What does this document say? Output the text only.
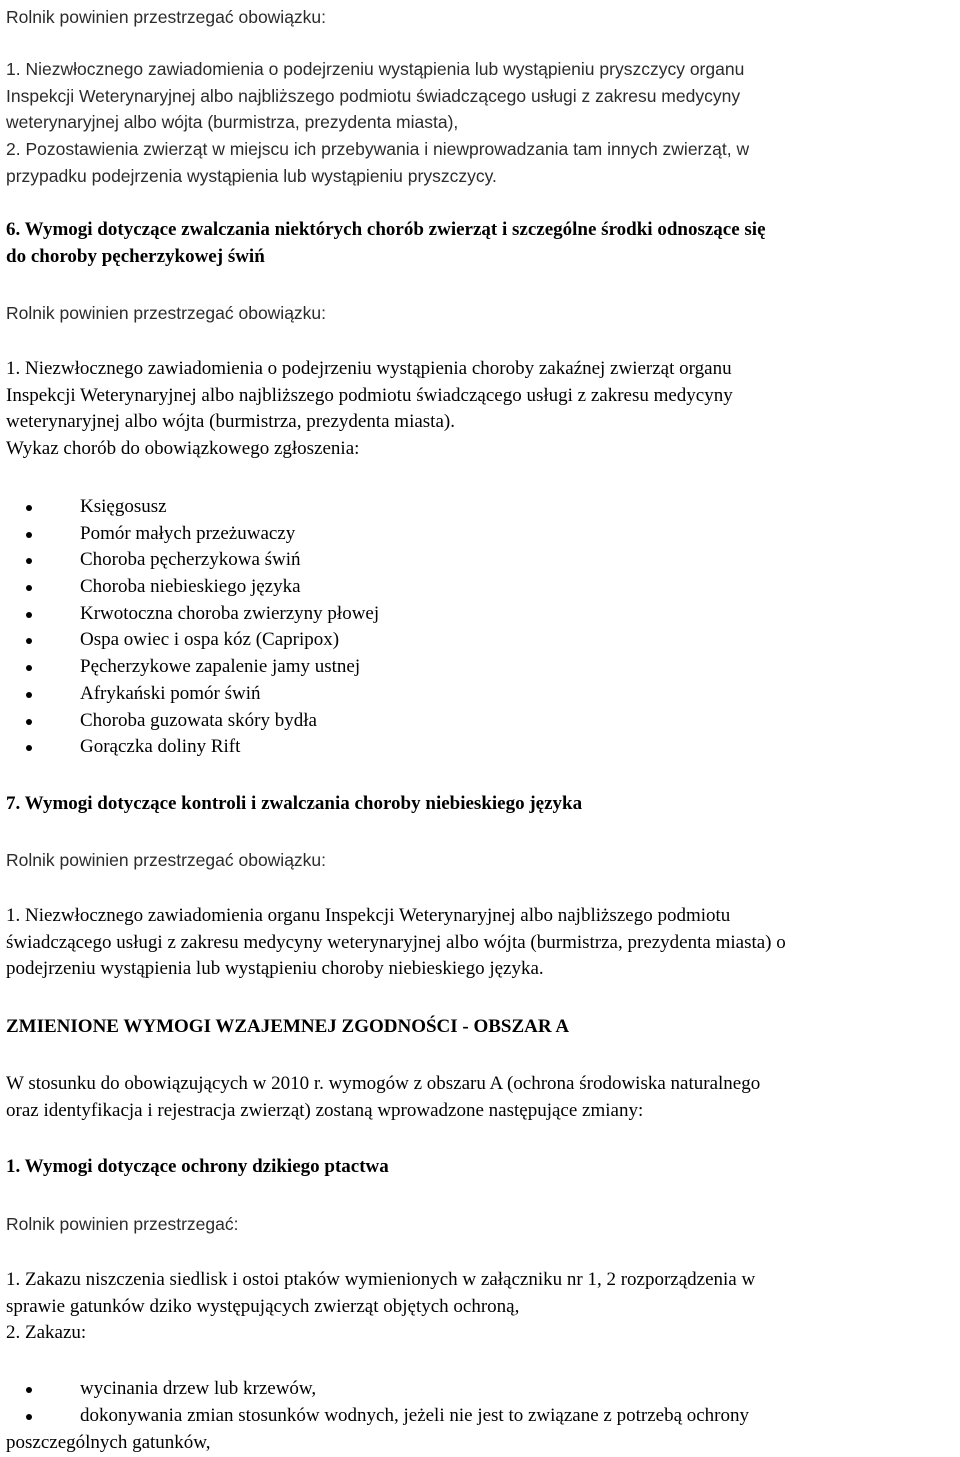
Rolnik powinien przestrzegać obowiązku:
1. Niezwłocznego zawiadomienia o podejrzeniu wystąpienia lub wystąpieniu pryszczycy organu
Inspekcji Weterynaryjnej albo najbliższego podmiotu świadczącego usługi z zakresu medycyny
weterynaryjnej albo wójta (burmistrza, prezydenta miasta),
2. Pozostawienia zwierząt w miejscu ich przebywania i niewprowadzania tam innych zwierząt, w
przypadku podejrzenia wystąpienia lub wystąpieniu pryszczycy.
6. Wymogi dotyczące zwalczania niektórych chorób zwierząt i szczególne środki odnoszące się
do choroby pęcherzykowej świń
Rolnik powinien przestrzegać obowiązku:
1. Niezwłocznego zawiadomienia o podejrzeniu wystąpienia choroby zakaźnej zwierząt organu
Inspekcji Weterynaryjnej albo najbliższego podmiotu świadczącego usługi z zakresu medycyny
weterynaryjnej albo wójta (burmistrza, prezydenta miasta).
Wykaz chorób do obowiązkowego zgłoszenia:
Księgosusz
Pomór małych przeżuwaczy
Choroba pęcherzykowa świń
Choroba niebieskiego języka
Krwotoczna choroba zwierzyny płowej
Ospa owiec i ospa kóz (Capripox)
Pęcherzykowe zapalenie jamy ustnej
Afrykański pomór świń
Choroba guzowata skóry bydła
Gorączka doliny Rift
7. Wymogi dotyczące kontroli i zwalczania choroby niebieskiego języka
Rolnik powinien przestrzegać obowiązku:
1. Niezwłocznego zawiadomienia organu Inspekcji Weterynaryjnej albo najbliższego podmiotu
świadczącego usługi z zakresu medycyny weterynaryjnej albo wójta (burmistrza, prezydenta miasta) o
podejrzeniu wystąpienia lub wystąpieniu choroby niebieskiego języka.
ZMIENIONE WYMOGI WZAJEMNEJ ZGODNOŚCI - OBSZAR A
W stosunku do obowiązujących w 2010 r. wymogów z obszaru A (ochrona środowiska naturalnego
oraz identyfikacja i rejestracja zwierząt) zostaną wprowadzone następujące zmiany:
1. Wymogi dotyczące ochrony dzikiego ptactwa
Rolnik powinien przestrzegać:
1. Zakazu niszczenia siedlisk i ostoi ptaków wymienionych w załączniku nr 1, 2 rozporządzenia w
sprawie gatunków dziko występujących zwierząt objętych ochroną,
2. Zakazu:
wycinania drzew lub krzewów,
dokonywania zmian stosunków wodnych, jeżeli nie jest to związane z potrzebą ochrony
poszczególnych gatunków,
